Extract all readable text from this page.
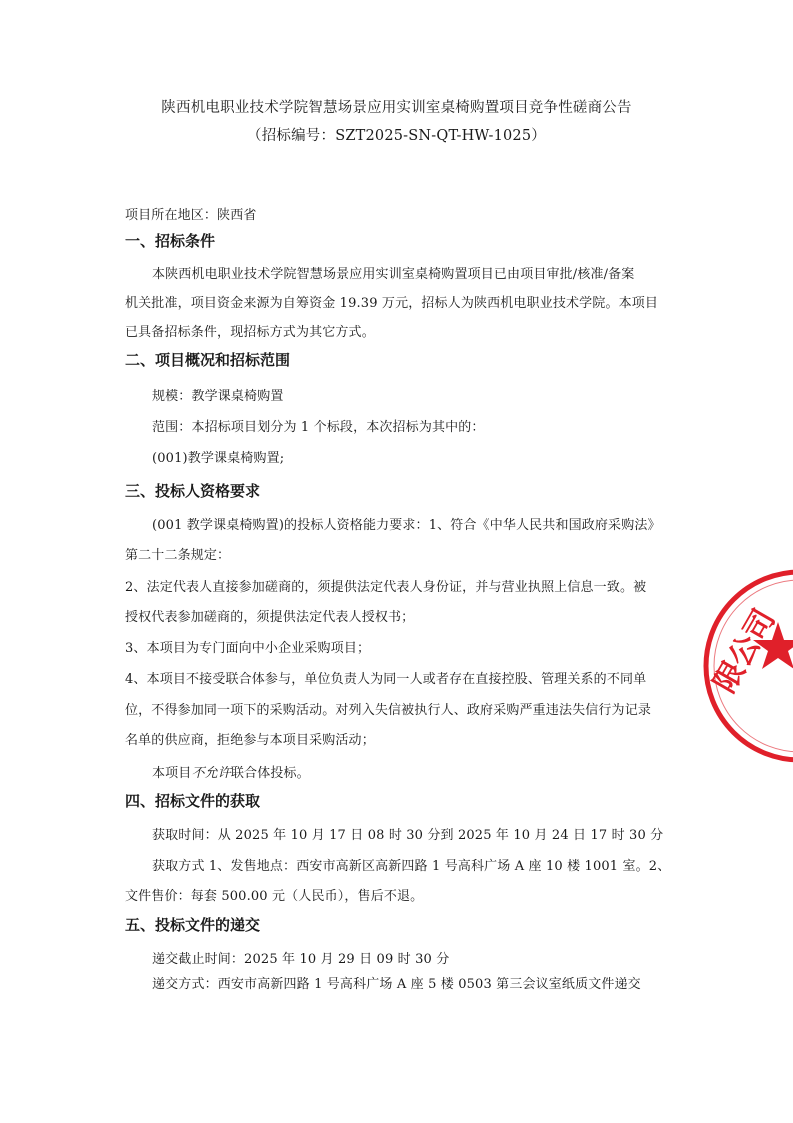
陕西机电职业技术学院智慧场景应用实训室桌椅购置项目竞争性磋商公告
（招标编号：SZT2025-SN-QT-HW-1025）
项目所在地区：陕西省
一、招标条件
本陕西机电职业技术学院智慧场景应用实训室桌椅购置项目已由项目审批/核准/备案
机关批准，项目资金来源为自筹资金 19.39 万元，招标人为陕西机电职业技术学院。本项目
已具备招标条件，现招标方式为其它方式。
二、项目概况和招标范围
规模：教学课桌椅购置
范围：本招标项目划分为 1 个标段，本次招标为其中的：
(001)教学课桌椅购置;
三、投标人资格要求
(001 教学课桌椅购置)的投标人资格能力要求：1、符合《中华人民共和国政府采购法》
第二十二条规定：
2、法定代表人直接参加磋商的，须提供法定代表人身份证，并与营业执照上信息一致。被
授权代表参加磋商的，须提供法定代表人授权书；
3、本项目为专门面向中小企业采购项目；
4、本项目不接受联合体参与，单位负责人为同一人或者存在直接控股、管理关系的不同单
位，不得参加同一项下的采购活动。对列入失信被执行人、政府采购严重违法失信行为记录
名单的供应商，拒绝参与本项目采购活动；
本项目不允许联合体投标。
四、招标文件的获取
获取时间：从 2025 年 10 月 17 日 08 时 30 分到 2025 年 10 月 24 日 17 时 30 分
获取方式 1、发售地点：西安市高新区高新四路 1 号高科广场 A 座 10 楼 1001 室。2、
文件售价：每套 500.00 元（人民币），售后不退。
五、投标文件的递交
递交截止时间：2025 年 10 月 29 日 09 时 30 分
递交方式：西安市高新四路 1 号高科广场 A 座 5 楼 0503 第三会议室纸质文件递交
限公司
